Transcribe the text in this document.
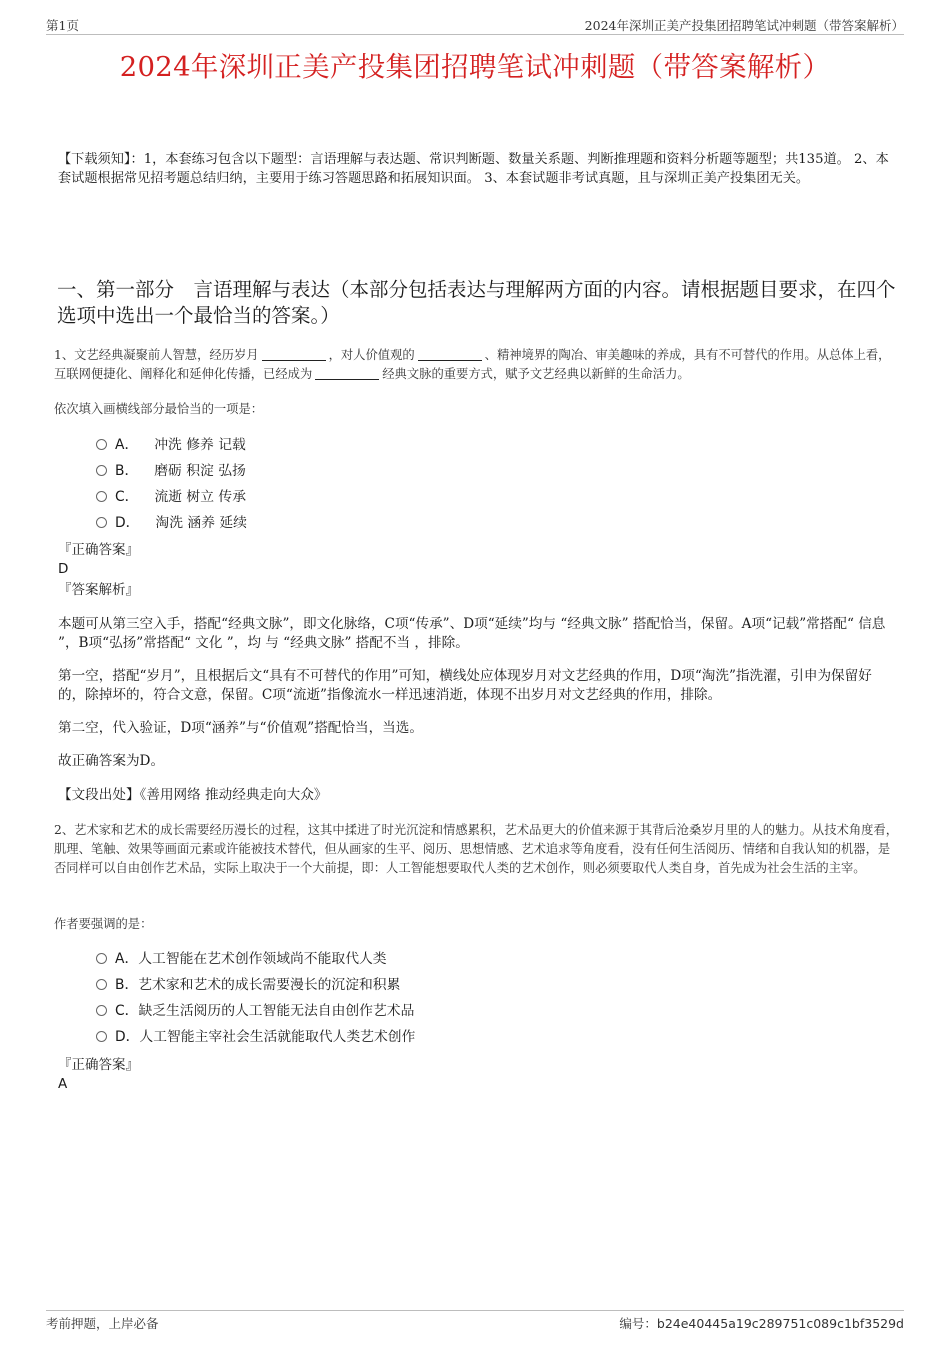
第1页	2024年深圳正美产投集团招聘笔试冲刺题（带答案解析）
2024年深圳正美产投集团招聘笔试冲刺题（带答案解析）
【下载须知】：1，本套练习包含以下题型：言语理解与表达题、常识判断题、数量关系题、判断推理题和资料分析题等题型；共135道。 2、本套试题根据常见招考题总结归纳，主要用于练习答题思路和拓展知识面。 3、本套试题非考试真题，且与深圳正美产投集团无关。
一、第一部分　言语理解与表达（本部分包括表达与理解两方面的内容。请根据题目要求，在四个选项中选出一个最恰当的答案。）
1、文艺经典凝聚前人智慧，经历岁月	，对人价值观的	、精神境界的陶冶、审美趣味的养成，具有不可替代的作用。从总体上看，互联网便捷化、阐释化和延伸化传播，已经成为	经典文脉的重要方式，赋予文艺经典以新鲜的生命活力。
依次填入画横线部分最恰当的一项是：
A． 冲洗 修养 记载
B． 磨砺 积淀 弘扬
C． 流逝 树立 传承
D． 淘洗 涵养 延续
『正确答案』
D
『答案解析』
本题可从第三空入手，搭配“经典文脉”，即文化脉络，C项“传承”、D项“延续”均与 “经典文脉” 搭配恰当，保留。A项“记载”常搭配“ 信息 ”，B项“弘扬”常搭配“ 文化 ”，均 与 “经典文脉” 搭配不当 ，排除。
第一空，搭配“岁月”，且根据后文“具有不可替代的作用”可知，横线处应体现岁月对文艺经典的作用，D项“淘洗”指洗濯，引申为保留好的，除掉坏的，符合文意，保留。C项“流逝”指像流水一样迅速消逝，体现不出岁月对文艺经典的作用，排除。
第二空，代入验证，D项“涵养”与“价值观”搭配恰当，当选。
故正确答案为D。
【文段出处】《善用网络 推动经典走向大众》
2、艺术家和艺术的成长需要经历漫长的过程，这其中揉进了时光沉淀和情感累积，艺术品更大的价值来源于其背后沧桑岁月里的人的魅力。从技术角度看，肌理、笔触、效果等画面元素或许能被技术替代，但从画家的生平、阅历、思想情感、艺术追求等角度看，没有任何生活阅历、情绪和自我认知的机器，是否同样可以自由创作艺术品，实际上取决于一个大前提，即：人工智能想要取代人类的艺术创作，则必须要取代人类自身，首先成为社会生活的主宰。
作者要强调的是：
A．人工智能在艺术创作领域尚不能取代人类
B．艺术家和艺术的成长需要漫长的沉淀和积累
C．缺乏生活阅历的人工智能无法自由创作艺术品
D．人工智能主宰社会生活就能取代人类艺术创作
『正确答案』
A
考前押题，上岸必备	编号：b24e40445a19c289751c089c1bf3529d
